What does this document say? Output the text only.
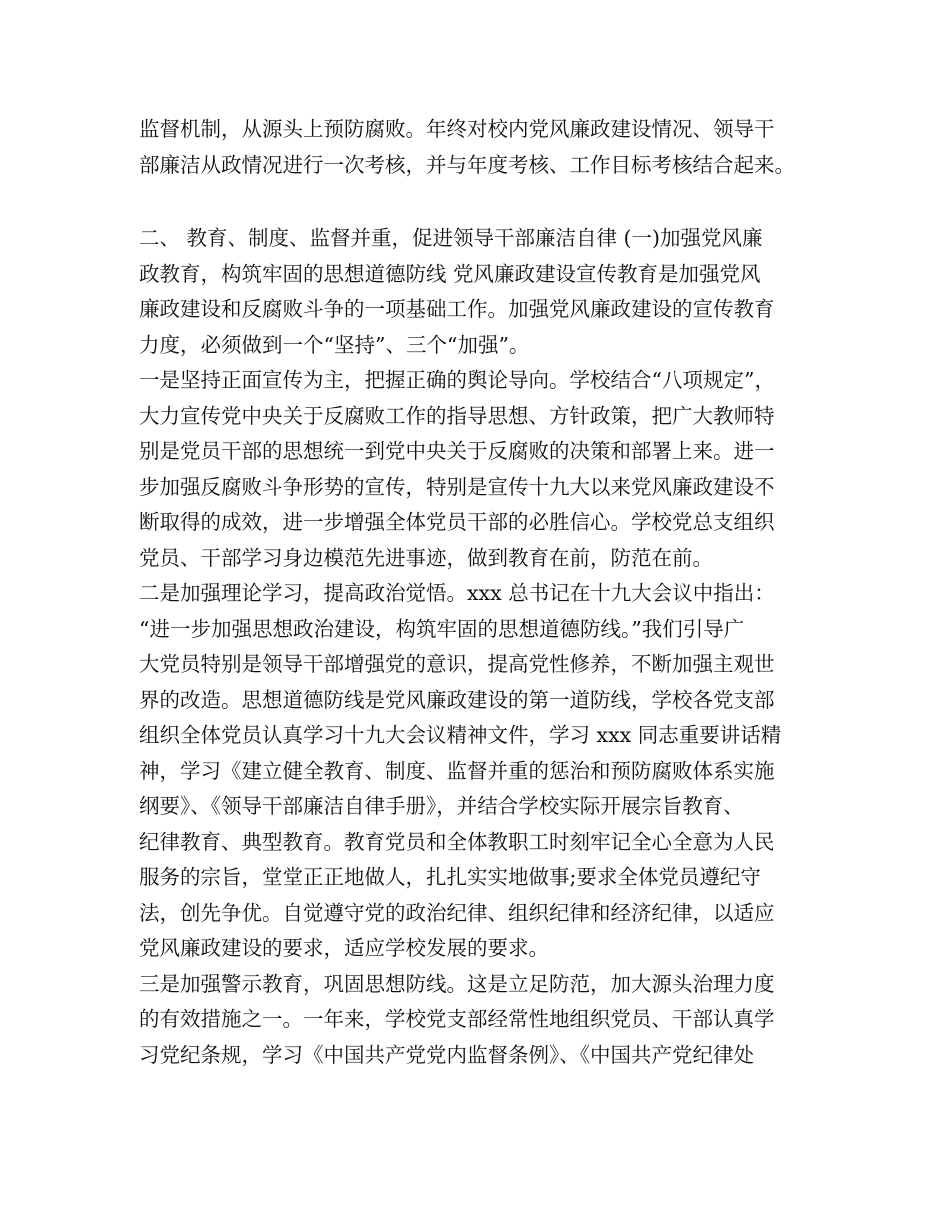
监督机制，从源头上预防腐败。年终对校内党风廉政建设情况、领导干
部廉洁从政情况进行一次考核，并与年度考核、工作目标考核结合起来。
二、 教育、制度、监督并重，促进领导干部廉洁自律 (一)加强党风廉
政教育，构筑牢固的思想道德防线 党风廉政建设宣传教育是加强党风
廉政建设和反腐败斗争的一项基础工作。加强党风廉政建设的宣传教育
力度，必须做到一个“坚持”、三个“加强”。
一是坚持正面宣传为主，把握正确的舆论导向。学校结合“八项规定”，
大力宣传党中央关于反腐败工作的指导思想、方针政策，把广大教师特
别是党员干部的思想统一到党中央关于反腐败的决策和部署上来。进一
步加强反腐败斗争形势的宣传，特别是宣传十九大以来党风廉政建设不
断取得的成效，进一步增强全体党员干部的必胜信心。学校党总支组织
党员、干部学习身边模范先进事迹，做到教育在前，防范在前。
二是加强理论学习，提高政治觉悟。xxx 总书记在十九大会议中指出：
“进一步加强思想政治建设，构筑牢固的思想道德防线。”我们引导广
大党员特别是领导干部增强党的意识，提高党性修养，不断加强主观世
界的改造。思想道德防线是党风廉政建设的第一道防线，学校各党支部
组织全体党员认真学习十九大会议精神文件，学习 xxx 同志重要讲话精
神，学习《建立健全教育、制度、监督并重的惩治和预防腐败体系实施
纲要》、《领导干部廉洁自律手册》，并结合学校实际开展宗旨教育、
纪律教育、典型教育。教育党员和全体教职工时刻牢记全心全意为人民
服务的宗旨，堂堂正正地做人，扎扎实实地做事;要求全体党员遵纪守
法，创先争优。自觉遵守党的政治纪律、组织纪律和经济纪律，以适应
党风廉政建设的要求，适应学校发展的要求。
三是加强警示教育，巩固思想防线。这是立足防范，加大源头治理力度
的有效措施之一。一年来，学校党支部经常性地组织党员、干部认真学
习党纪条规，学习《中国共产党党内监督条例》、《中国共产党纪律处
